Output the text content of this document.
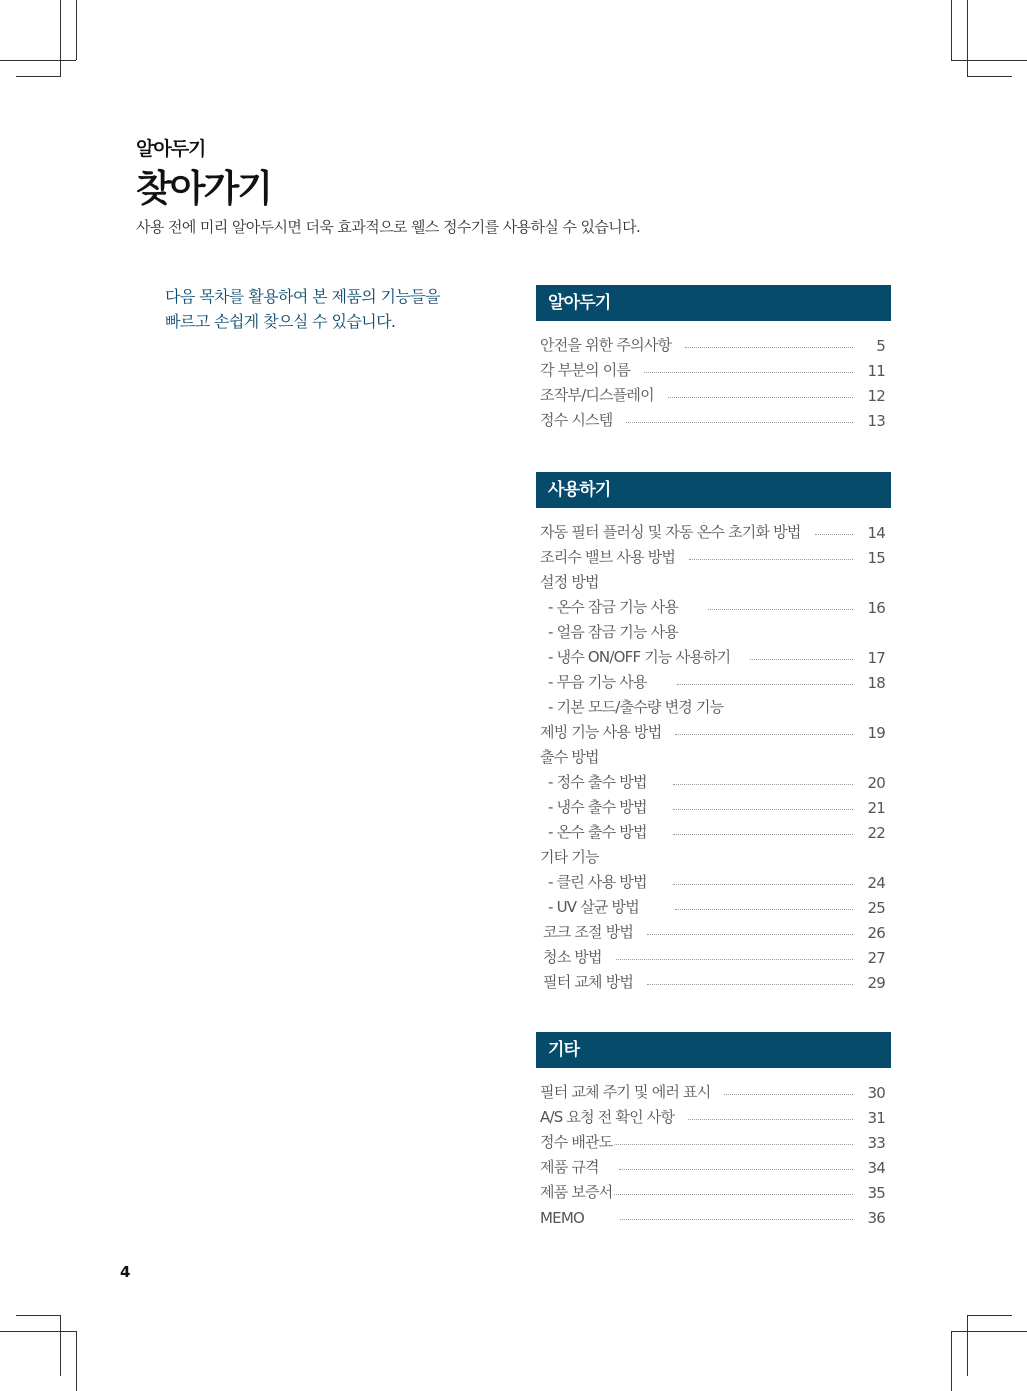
알아두기
찾아가기
사용 전에 미리 알아두시면 더욱 효과적으로 웰스 정수기를 사용하실 수 있습니다.
다음 목차를 활용하여 본 제품의 기능들을
빠르고 손쉽게 찾으실 수 있습니다.
알아두기
안전을 위한 주의사항	5
각 부분의 이름	11
조작부/디스플레이	12
정수 시스템	13
사용하기
자동 필터 플러싱 및 자동 온수 초기화 방법	14
조리수 밸브 사용 방법	15
설정 방법
- 온수 잠금 기능 사용	16
- 얼음 잠금 기능 사용
- 냉수 ON/OFF 기능 사용하기	17
- 무음 기능 사용	18
- 기본 모드/출수량 변경 기능
제빙 기능 사용 방법	19
출수 방법
- 정수 출수 방법	20
- 냉수 출수 방법	21
- 온수 출수 방법	22
기타 기능
- 클린 사용 방법	24
- UV 살균 방법	25
코크 조절 방법	26
청소 방법	27
필터 교체 방법	29
기타
필터 교체 주기 및 에러 표시	30
A/S 요청 전 확인 사항	31
정수 배관도	33
제품 규격	34
제품 보증서	35
MEMO	36
4
